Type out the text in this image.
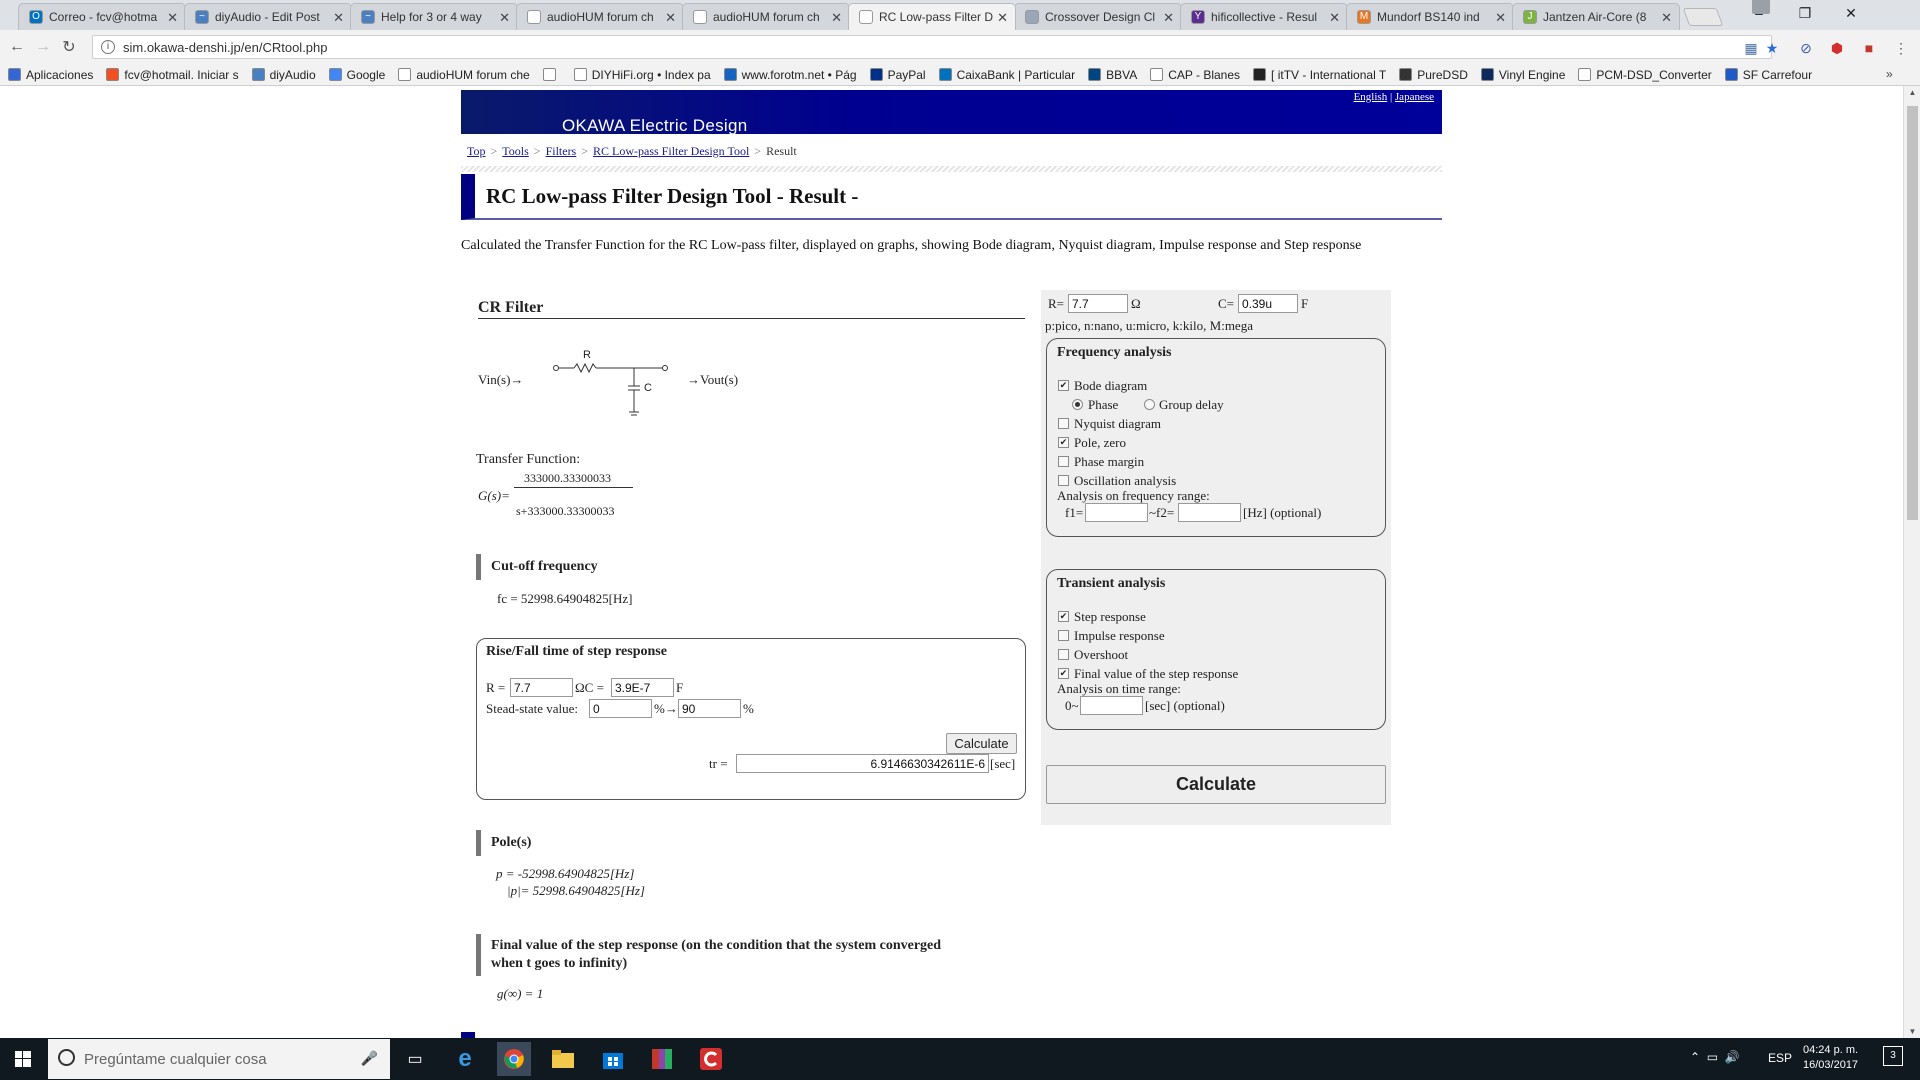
O Correo - fcv@hotma ✕	~ diyAudio - Edit Post	✕	~ Help for 3 or 4 way	✕	audioHUM forum ch ✕	audioHUM forum ch ✕	RC Low-pass Filter D ✕	Crossover Design Cl ✕	Y hificollective - Resul ✕ M Mundorf BS140 ind	✕	J Jantzen Air-Core (8	✕	❐	✕
← → ↻	i	sim.okawa-denshi.jp/en/CRtool.php	▦ ★ ⊘ ⬢	■	⋮
Aplicaciones	fcv@hotmail. Iniciar s	diyAudio	Google	audioHUM forum che	DIYHiFi.org • Index pa	www.forotm.net • Pág	PayPal	CaixaBank | Particular	BBVA	CAP - Blanes	[ itTV - International T	PureDSD	Vinyl Engine	PCM-DSD_Converter	SF Carrefour	»
OKAWA Electric Design
English | Japanese
Top > Tools > Filters > RC Low-pass Filter Design Tool > Result
RC Low-pass Filter Design Tool - Result -
Calculated the Transfer Function for the RC Low-pass filter, displayed on graphs, showing Bode diagram, Nyquist diagram, Impulse response and Step response
CR Filter
Vin(s)→
R
C
→Vout(s)
Transfer Function:
G(s)=
333000.33300033
s+333000.33300033
Cut-off frequency
fc = 52998.64904825[Hz]
Rise/Fall time of step response
R =
7.7	ΩC =
3.9E-7	F
Stead-state value:
0	%→
90	%
Calculate
tr =
6.9146630342611E-6	[sec]
Pole(s)
p = -52998.64904825[Hz]
|p|= 52998.64904825[Hz]
Final value of the step response (on the condition that the system converged
when t goes to infinity)
g(∞) = 1
R=
7.7	Ω	C=
0.39u	F
p:pico, n:nano, u:micro, k:kilo, M:mega
Frequency analysis
✔ Bode diagram
Phase	Group delay
Nyquist diagram
✔ Pole, zero
Phase margin
Oscillation analysis
Analysis on frequency range:
f1=	~f2=	[Hz] (optional)
Transient analysis
✔ Step response
Impulse response
Overshoot
✔ Final value of the step response
Analysis on time range:
0~	[sec] (optional)
Calculate
▲
▼
Pregúntame cualquier cosa	🎤	▭	e	⌃  ▭  🔊 ESP
04:24 p. m.
16/03/2017
3
